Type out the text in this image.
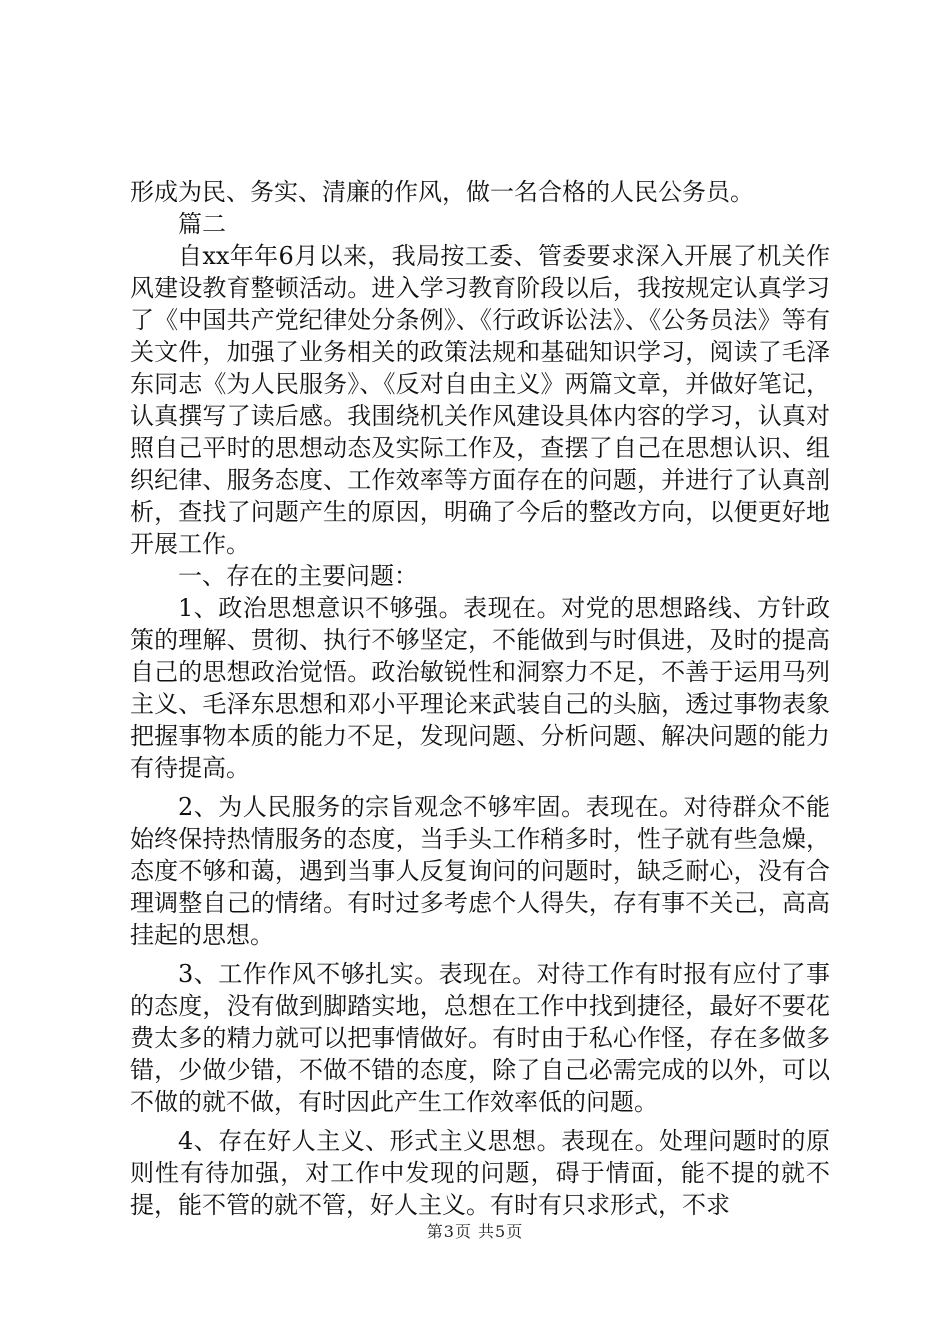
形成为民、务实、清廉的作风，做一名合格的人民公务员。

篇二

自xx年年6月以来，我局按工委、管委要求深入开展了机关作风建设教育整顿活动。进入学习教育阶段以后，我按规定认真学习了《中国共产党纪律处分条例》、《行政诉讼法》、《公务员法》等有关文件，加强了业务相关的政策法规和基础知识学习，阅读了毛泽东同志《为人民服务》、《反对自由主义》两篇文章，并做好笔记，认真撰写了读后感。我围绕机关作风建设具体内容的学习，认真对照自己平时的思想动态及实际工作及，查摆了自己在思想认识、组织纪律、服务态度、工作效率等方面存在的问题，并进行了认真剖析，查找了问题产生的原因，明确了今后的整改方向，以便更好地开展工作。

一、存在的主要问题：

1、政治思想意识不够强。表现在。对党的思想路线、方针政策的理解、贯彻、执行不够坚定，不能做到与时俱进，及时的提高自己的思想政治觉悟。政治敏锐性和洞察力不足，不善于运用马列主义、毛泽东思想和邓小平理论来武装自己的头脑，透过事物表象把握事物本质的能力不足，发现问题、分析问题、解决问题的能力有待提高。

2、为人民服务的宗旨观念不够牢固。表现在。对待群众不能始终保持热情服务的态度，当手头工作稍多时，性子就有些急燥，态度不够和蔼，遇到当事人反复询问的问题时，缺乏耐心，没有合理调整自己的情绪。有时过多考虑个人得失，存有事不关己，高高挂起的思想。

3、工作作风不够扎实。表现在。对待工作有时报有应付了事的态度，没有做到脚踏实地，总想在工作中找到捷径，最好不要花费太多的精力就可以把事情做好。有时由于私心作怪，存在多做多错，少做少错，不做不错的态度，除了自己必需完成的以外，可以不做的就不做，有时因此产生工作效率低的问题。

4、存在好人主义、形式主义思想。表现在。处理问题时的原则性有待加强，对工作中发现的问题，碍于情面，能不提的就不提，能不管的就不管，好人主义。有时有只求形式，不求

第3页 共5页
